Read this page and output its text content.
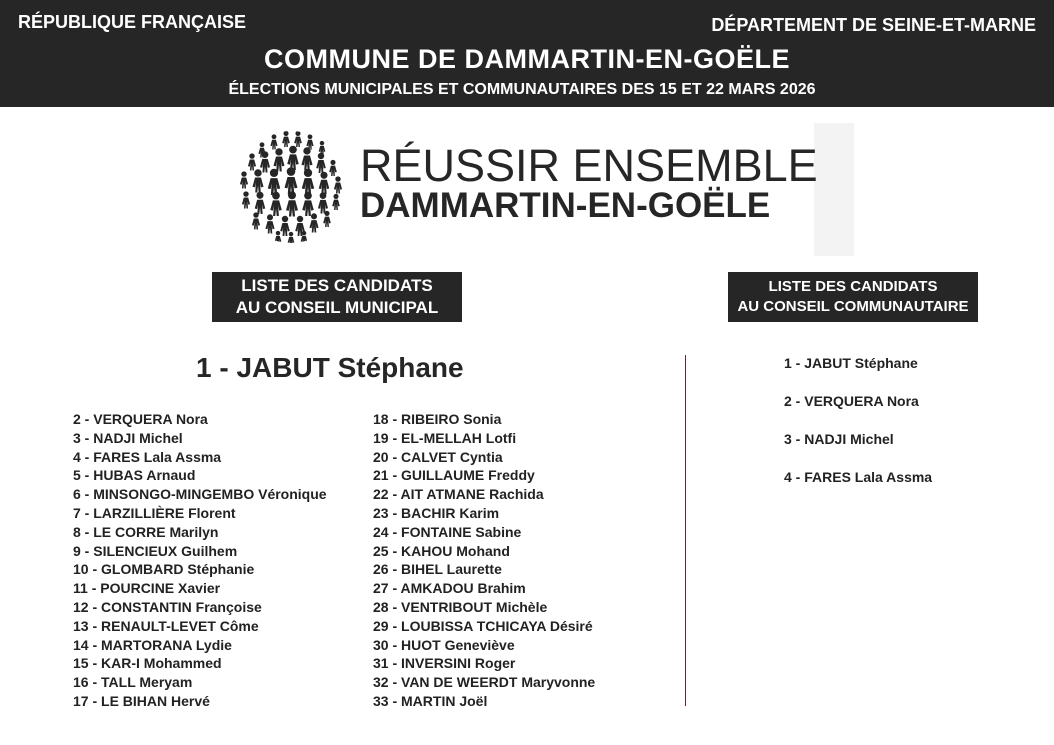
RÉPUBLIQUE FRANÇAISE	DÉPARTEMENT DE SEINE-ET-MARNE
COMMUNE DE DAMMARTIN-EN-GOËLE
ÉLECTIONS MUNICIPALES ET COMMUNAUTAIRES DES 15 ET 22 MARS 2026
RÉUSSIR ENSEMBLE
DAMMARTIN-EN-GOËLE
LISTE DES CANDIDATS
AU CONSEIL MUNICIPAL
LISTE DES CANDIDATS
AU CONSEIL COMMUNAUTAIRE
1 - JABUT Stéphane
2 - VERQUERA Nora
3 - NADJI Michel
4 - FARES Lala Assma
5 - HUBAS Arnaud
6 - MINSONGO-MINGEMBO Véronique
7 - LARZILLIÈRE Florent
8 - LE CORRE Marilyn
9 - SILENCIEUX Guilhem
10 - GLOMBARD Stéphanie
11 - POURCINE Xavier
12 - CONSTANTIN Françoise
13 - RENAULT-LEVET Côme
14 - MARTORANA Lydie
15 - KAR-I Mohammed
16 - TALL Meryam
17 - LE BIHAN Hervé
18 - RIBEIRO Sonia
19 - EL-MELLAH Lotfi
20 - CALVET Cyntia
21 - GUILLAUME Freddy
22 - AIT ATMANE Rachida
23 - BACHIR Karim
24 - FONTAINE Sabine
25 - KAHOU Mohand
26 - BIHEL Laurette
27 - AMKADOU Brahim
28 - VENTRIBOUT Michèle
29 - LOUBISSA TCHICAYA Désiré
30 - HUOT Geneviève
31 - INVERSINI Roger
32 - VAN DE WEERDT Maryvonne
33 - MARTIN Joël
1 - JABUT Stéphane
2 - VERQUERA Nora
3 - NADJI Michel
4 - FARES Lala Assma
